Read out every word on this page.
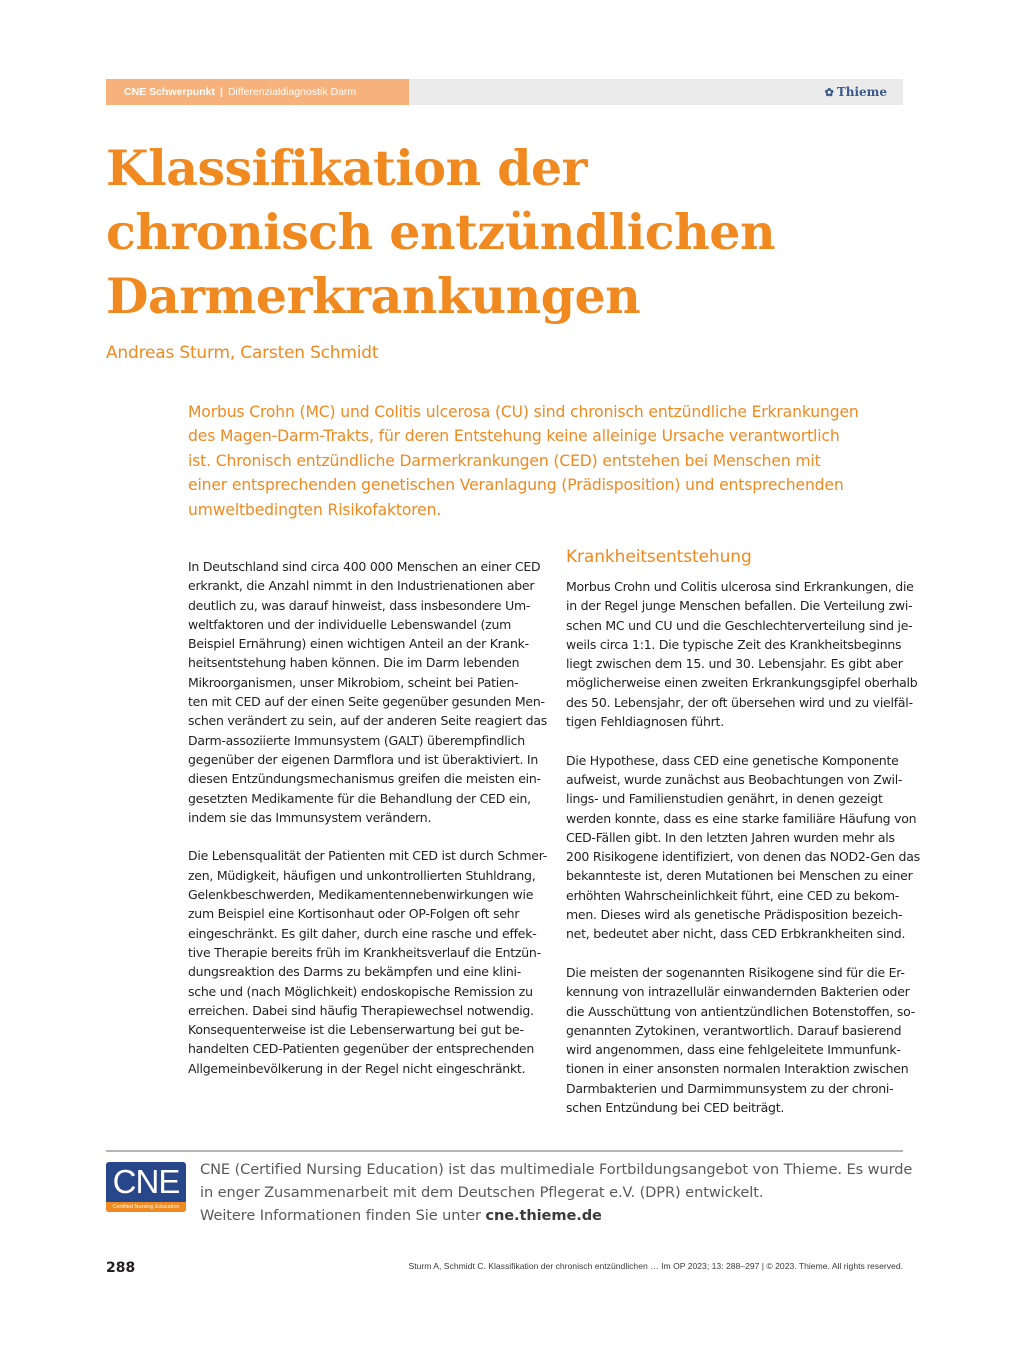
CNE Schwerpunkt | Differenzialdiagnostik Darm	✿ Thieme
Klassifikation der
chronisch entzündlichen
Darmerkrankungen

Andreas Sturm, Carsten Schmidt

Morbus Crohn (MC) und Colitis ulcerosa (CU) sind chronisch entzündliche Erkrankungen
des Magen-Darm-Trakts, für deren Entstehung keine alleinige Ursache verantwortlich
ist. Chronisch entzündliche Darmerkrankungen (CED) entstehen bei Menschen mit
einer entsprechenden genetischen Veranlagung (Prädisposition) und entsprechenden
umweltbedingten Risikofaktoren.

In Deutschland sind circa 400 000 Menschen an einer CED
erkrankt, die Anzahl nimmt in den Industrienationen aber
deutlich zu, was darauf hinweist, dass insbesondere Um-
weltfaktoren und der individuelle Lebenswandel (zum
Beispiel Ernährung) einen wichtigen Anteil an der Krank-
heitsentstehung haben können. Die im Darm lebenden
Mikroorganismen, unser Mikrobiom, scheint bei Patien-
ten mit CED auf der einen Seite gegenüber gesunden Men-
schen verändert zu sein, auf der anderen Seite reagiert das
Darm-assoziierte Immunsystem (GALT) überempfindlich
gegenüber der eigenen Darmflora und ist überaktiviert. In
diesen Entzündungsmechanismus greifen die meisten ein-
gesetzten Medikamente für die Behandlung der CED ein,
indem sie das Immunsystem verändern.

Die Lebensqualität der Patienten mit CED ist durch Schmer-
zen, Müdigkeit, häufigen und unkontrollierten Stuhldrang,
Gelenkbeschwerden, Medikamentennebenwirkungen wie
zum Beispiel eine Kortisonhaut oder OP-Folgen oft sehr
eingeschränkt. Es gilt daher, durch eine rasche und effek-
tive Therapie bereits früh im Krankheitsverlauf die Entzün-
dungsreaktion des Darms zu bekämpfen und eine klini-
sche und (nach Möglichkeit) endoskopische Remission zu
erreichen. Dabei sind häufig Therapiewechsel notwendig.
Konsequenterweise ist die Lebenserwartung bei gut be-
handelten CED-Patienten gegenüber der entsprechenden
Allgemeinbevölkerung in der Regel nicht eingeschränkt.

Krankheitsentstehung

Morbus Crohn und Colitis ulcerosa sind Erkrankungen, die
in der Regel junge Menschen befallen. Die Verteilung zwi-
schen MC und CU und die Geschlechterverteilung sind je-
weils circa 1:1. Die typische Zeit des Krankheitsbeginns
liegt zwischen dem 15. und 30. Lebensjahr. Es gibt aber
möglicherweise einen zweiten Erkrankungsgipfel oberhalb
des 50. Lebensjahr, der oft übersehen wird und zu vielfäl-
tigen Fehldiagnosen führt.

Die Hypothese, dass CED eine genetische Komponente
aufweist, wurde zunächst aus Beobachtungen von Zwil-
lings- und Familienstudien genährt, in denen gezeigt
werden konnte, dass es eine starke familiäre Häufung von
CED-Fällen gibt. In den letzten Jahren wurden mehr als
200 Risikogene identifiziert, von denen das NOD2-Gen das
bekannteste ist, deren Mutationen bei Menschen zu einer
erhöhten Wahrscheinlichkeit führt, eine CED zu bekom-
men. Dieses wird als genetische Prädisposition bezeich-
net, bedeutet aber nicht, dass CED Erbkrankheiten sind.

Die meisten der sogenannten Risikogene sind für die Er-
kennung von intrazellulär einwandernden Bakterien oder
die Ausschüttung von antientzündlichen Botenstoffen, so-
genannten Zytokinen, verantwortlich. Darauf basierend
wird angenommen, dass eine fehlgeleitete Immunfunk-
tionen in einer ansonsten normalen Interaktion zwischen
Darmbakterien und Darmimmunsystem zu der chroni-
schen Entzündung bei CED beiträgt.

CNE
Certified Nursing Education

CNE (Certified Nursing Education) ist das multimediale Fortbildungsangebot von Thieme. Es wurde
in enger Zusammenarbeit mit dem Deutschen Pflegerat e.V. (DPR) entwickelt.
Weitere Informationen finden Sie unter cne.thieme.de

288	Sturm A, Schmidt C. Klassifikation der chronisch entzündlichen … Im OP 2023; 13: 288–297 | © 2023. Thieme. All rights reserved.
